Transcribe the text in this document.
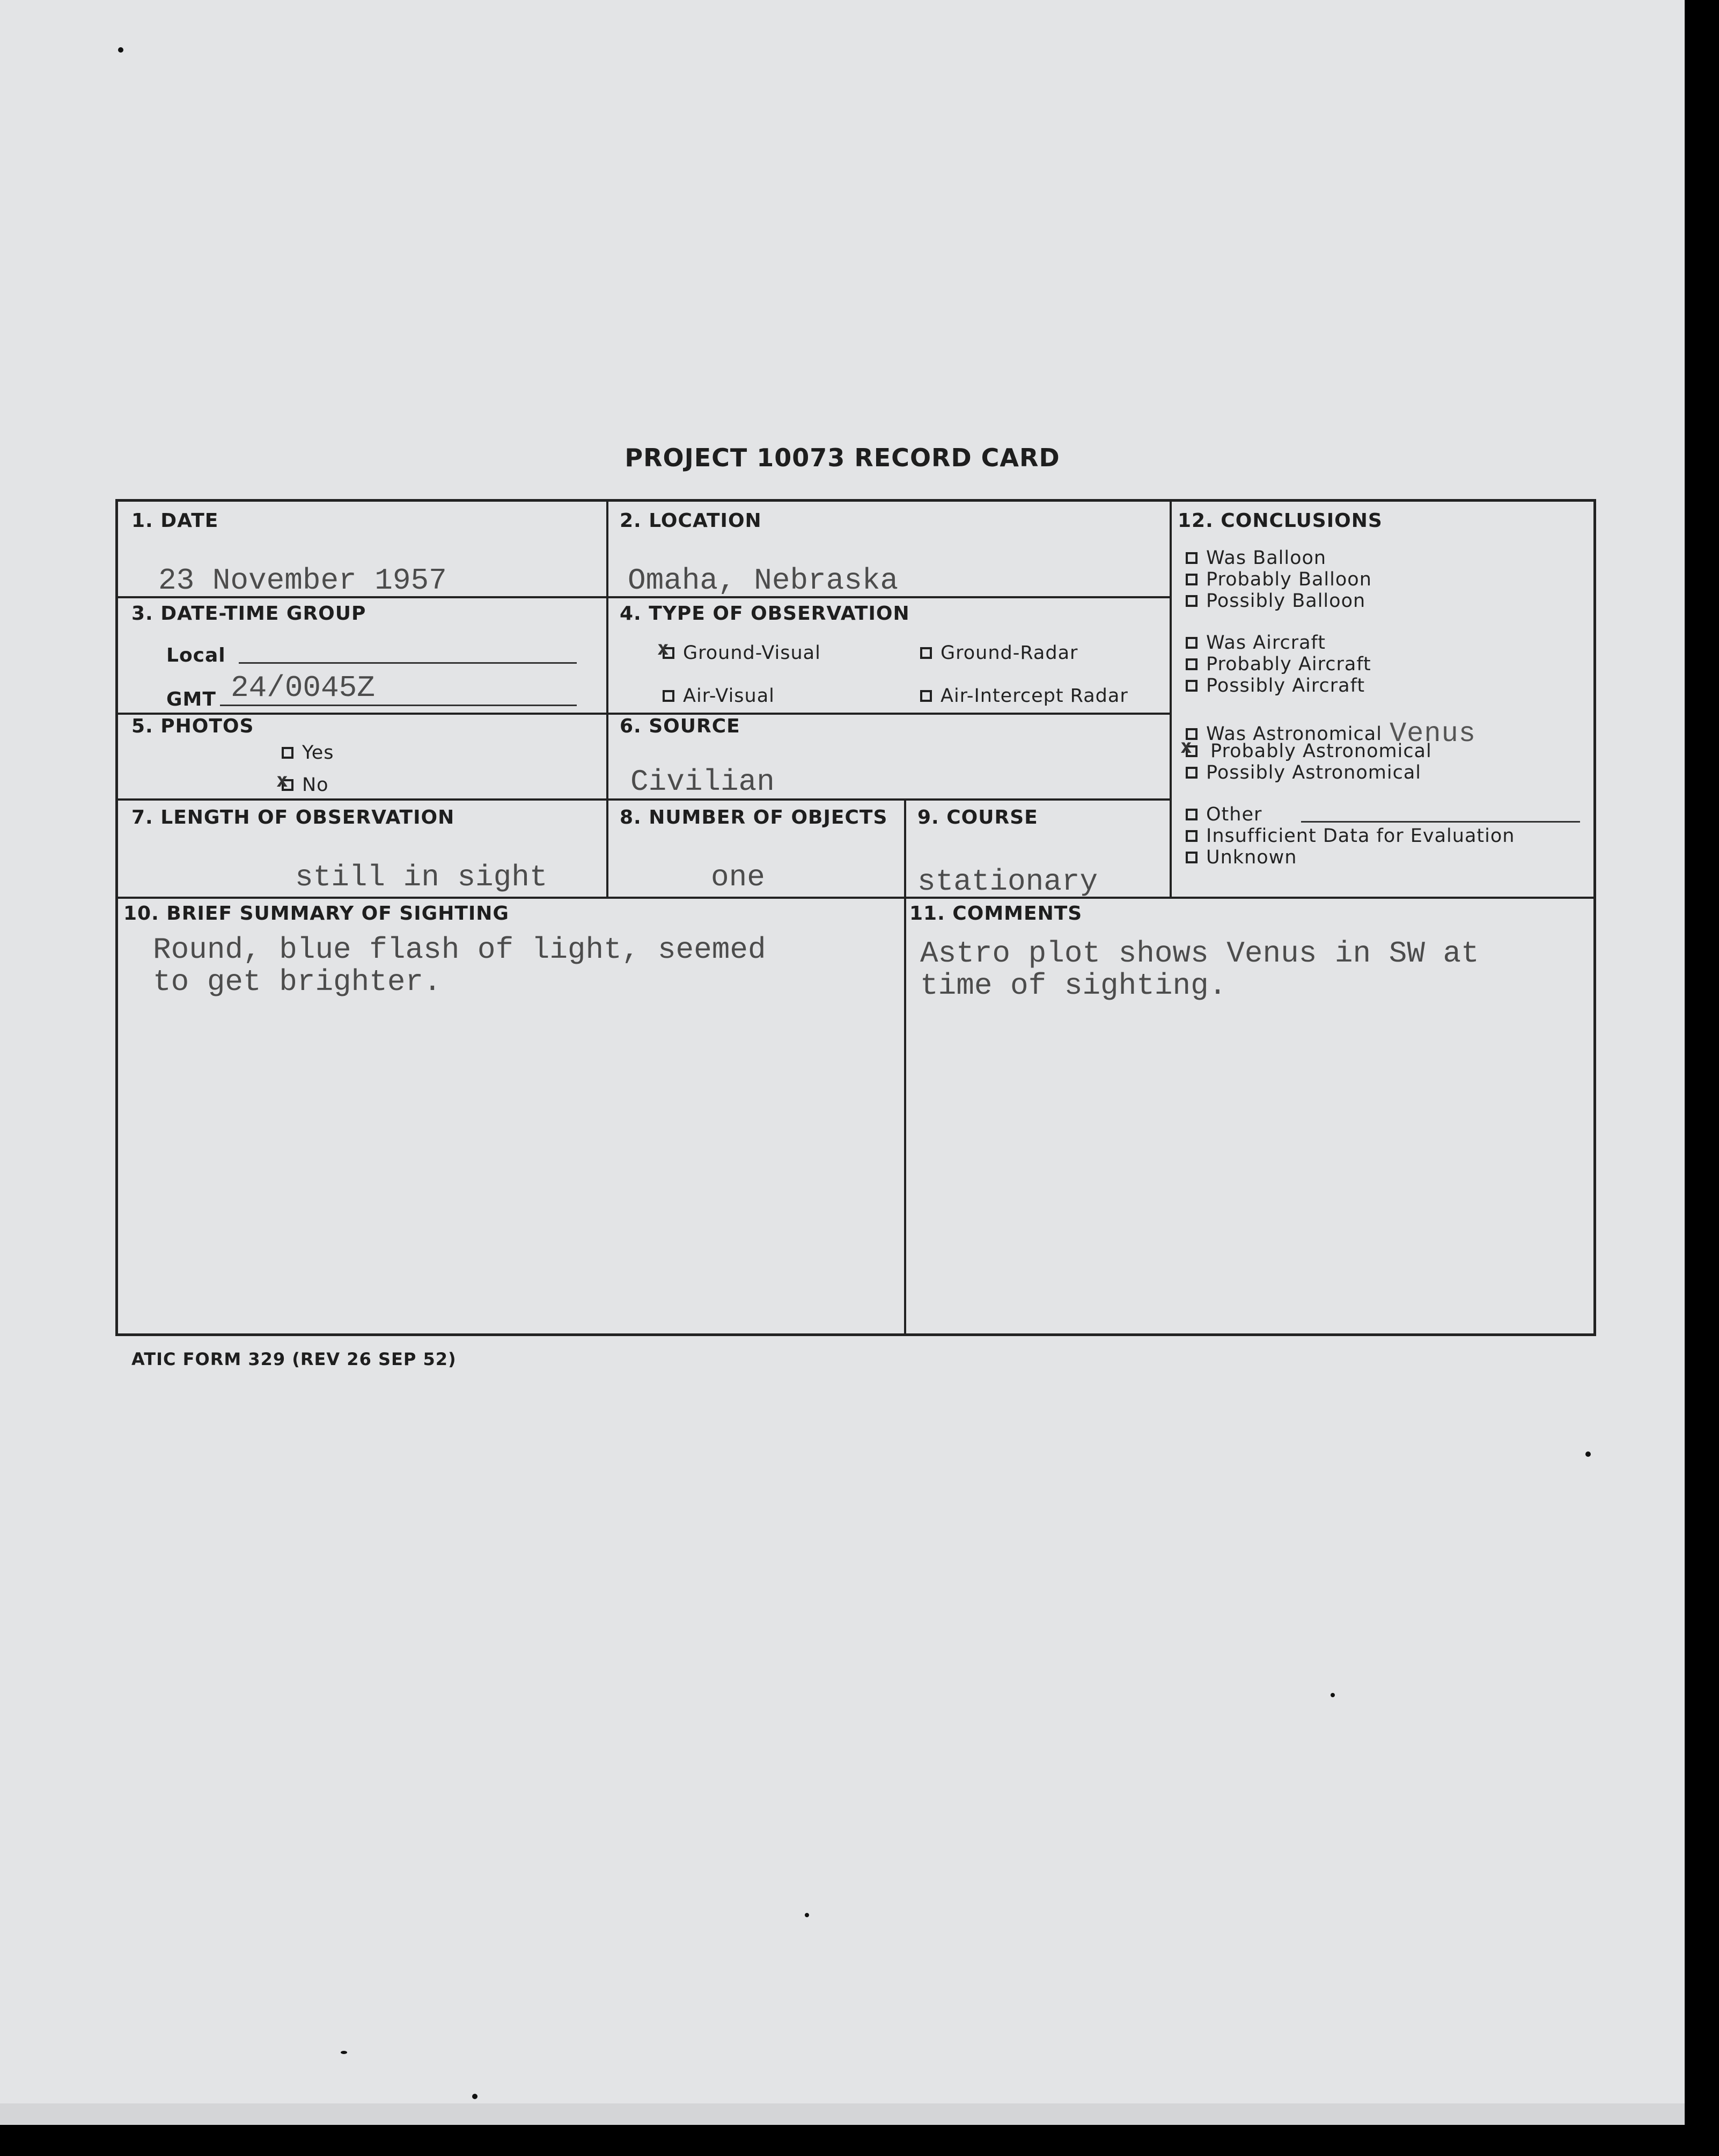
PROJECT 10073 RECORD CARD
1. DATE
23 November 1957
2. LOCATION
Omaha, Nebraska
3. DATE-TIME GROUP
Local
GMT 24/0045Z
4. TYPE OF OBSERVATION
x
Ground-Visual	Ground-Radar
Air-Visual	Air-Intercept Radar
5. PHOTOS
Yes
x
No
6. SOURCE
Civilian
7. LENGTH OF OBSERVATION
still in sight
8. NUMBER OF OBJECTS
one
9. COURSE
stationary
10. BRIEF SUMMARY OF SIGHTING
Round, blue flash of light, seemed
to get brighter.
11. COMMENTS
Astro plot shows Venus in SW at
time of sighting.
12. CONCLUSIONS
Was Balloon
Probably Balloon
Possibly Balloon
Was Aircraft
Probably Aircraft
Possibly Aircraft
Was Astronomical Venus
x
Probably Astronomical
Possibly Astronomical
Other
Insufficient Data for Evaluation
Unknown
ATIC FORM 329 (REV 26 SEP 52)
